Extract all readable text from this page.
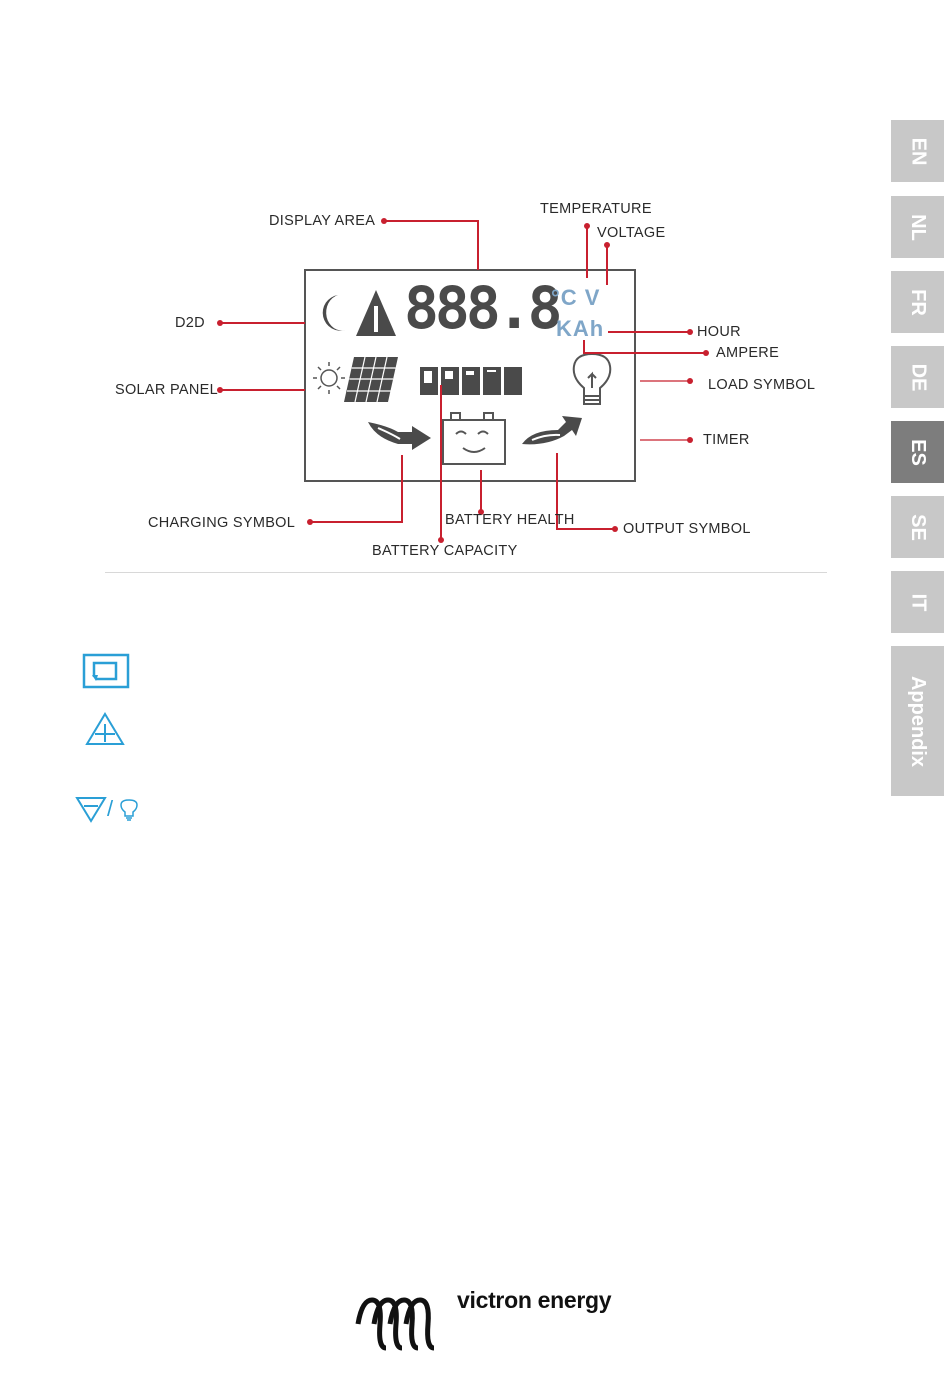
EN
NL
FR
DE
ES
SE
IT
Appendix
888.8
°C V
KAh
DISPLAY AREA
TEMPERATURE
VOLTAGE
D2D
HOUR
AMPERE
SOLAR PANEL	LOAD SYMBOL
TIMER
CHARGING SYMBOL	BATTERY HEALTH
OUTPUT SYMBOL
BATTERY CAPACITY
/
victron energy
